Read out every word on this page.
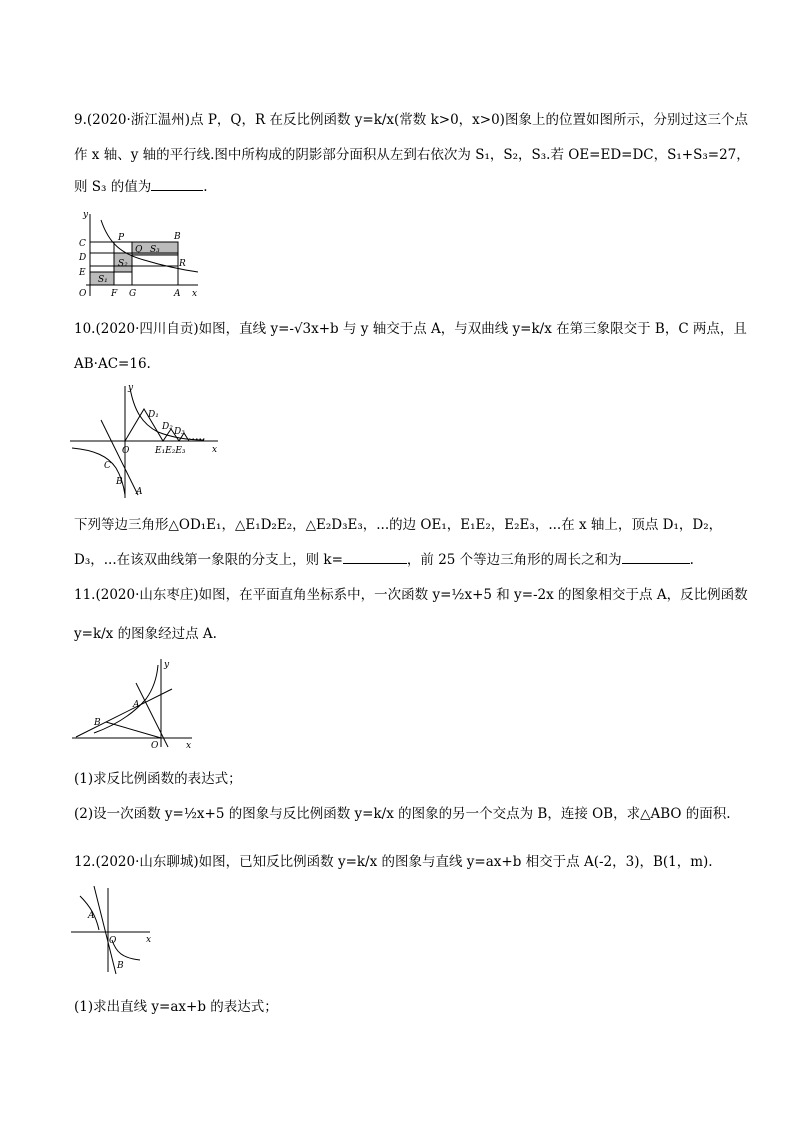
9.(2020·浙江温州)点 P，Q，R 在反比例函数 y=k/x(常数 k>0，x>0)图象上的位置如图所示，分别过这三个点
作 x 轴、y 轴的平行线.图中所构成的阴影部分面积从左到右依次为 S₁，S₂，S₃.若 OE=ED=DC，S₁+S₃=27，
则 S₃ 的值为	.
y
C
D
E
O	F G	A x
P	B
Q S₃
S₂
S₁
R
10.(2020·四川自贡)如图，直线 y=-√3x+b 与 y 轴交于点 A，与双曲线 y=k/x 在第三象限交于 B，C 两点，且
AB·AC=16.
y
x
D₁
D₂ D₃
E₁E₂E₃
C
O
B
A
下列等边三角形△OD₁E₁，△E₁D₂E₂，△E₂D₃E₃，...的边 OE₁，E₁E₂，E₂E₃，...在 x 轴上，顶点 D₁，D₂，
D₃，...在该双曲线第一象限的分支上，则 k=	，前 25 个等边三角形的周长之和为	.
11.(2020·山东枣庄)如图，在平面直角坐标系中，一次函数 y=½x+5 和 y=-2x 的图象相交于点 A，反比例函数
y=k/x 的图象经过点 A.
y
x
A
B
O
(1)求反比例函数的表达式；
(2)设一次函数 y=½x+5 的图象与反比例函数 y=k/x 的图象的另一个交点为 B，连接 OB，求△ABO 的面积.
12.(2020·山东聊城)如图，已知反比例函数 y=k/x 的图象与直线 y=ax+b 相交于点 A(-2，3)，B(1，m).
A
O	x
B
(1)求出直线 y=ax+b 的表达式；
